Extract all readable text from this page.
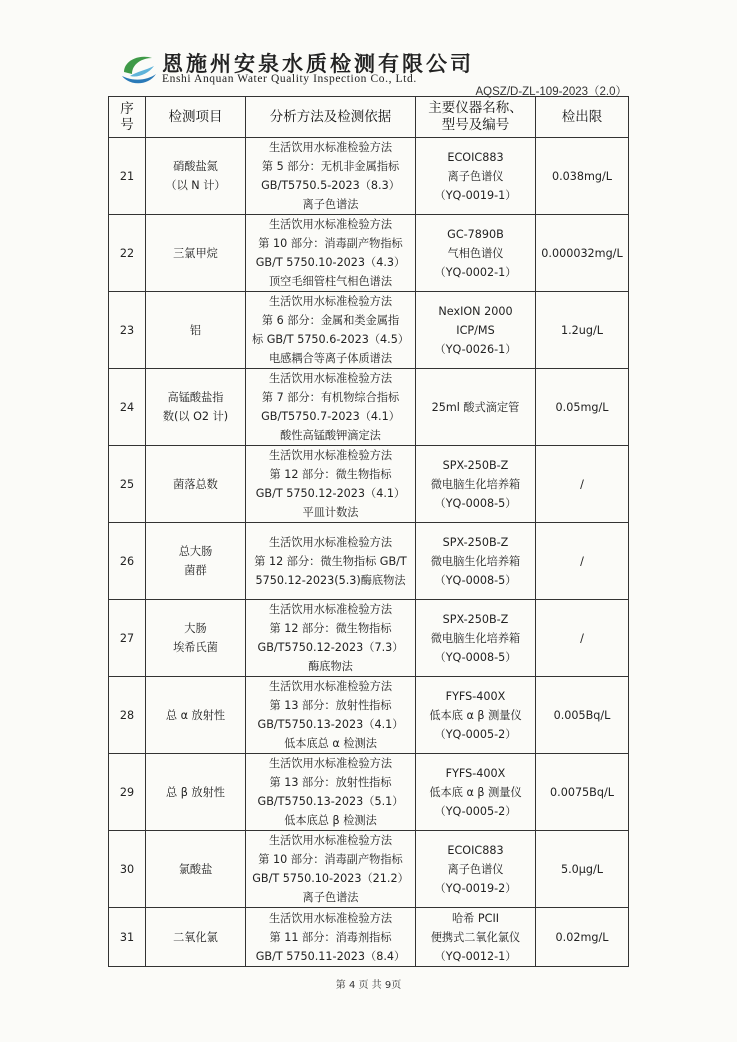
恩施州安泉水质检测有限公司
Enshi Anquan Water Quality Inspection Co., Ltd.
AQSZ/D-ZL-109-2023（2.0）
序
号	检测项目	分析方法及检测依据	主要仪器名称、
型号及编号	检出限
21	硝酸盐氮
（以 N 计）	生活饮用水标准检验方法
第 5 部分：无机非金属指标
GB/T5750.5-2023（8.3）
离子色谱法	ECOIC883
离子色谱仪
（YQ-0019-1）	0.038mg/L
22	三氯甲烷	生活饮用水标准检验方法
第 10 部分：消毒副产物指标
GB/T 5750.10-2023（4.3）
顶空毛细管柱气相色谱法	GC-7890B
气相色谱仪
（YQ-0002-1）	0.000032mg/L
23	铝	生活饮用水标准检验方法
第 6 部分：金属和类金属指
标 GB/T 5750.6-2023（4.5）
电感耦合等离子体质谱法	NexION 2000
ICP/MS
（YQ-0026-1）	1.2ug/L
24	高锰酸盐指
数(以 O2 计)	生活饮用水标准检验方法
第 7 部分：有机物综合指标
GB/T5750.7-2023（4.1）
酸性高锰酸钾滴定法	25ml 酸式滴定管	0.05mg/L
25	菌落总数	生活饮用水标准检验方法
第 12 部分：微生物指标
GB/T 5750.12-2023（4.1）
平皿计数法	SPX-250B-Z
微电脑生化培养箱
（YQ-0008-5）	/
26	总大肠
菌群	生活饮用水标准检验方法
第 12 部分：微生物指标 GB/T
5750.12-2023(5.3)酶底物法	SPX-250B-Z
微电脑生化培养箱
（YQ-0008-5）	/
27	大肠
埃希氏菌	生活饮用水标准检验方法
第 12 部分：微生物指标
GB/T5750.12-2023（7.3）
酶底物法	SPX-250B-Z
微电脑生化培养箱
（YQ-0008-5）	/
28	总 α 放射性	生活饮用水标准检验方法
第 13 部分：放射性指标
GB/T5750.13-2023（4.1）
低本底总 α 检测法	FYFS-400X
低本底 α β 测量仪
（YQ-0005-2）	0.005Bq/L
29	总 β 放射性	生活饮用水标准检验方法
第 13 部分：放射性指标
GB/T5750.13-2023（5.1）
低本底总 β 检测法	FYFS-400X
低本底 α β 测量仪
（YQ-0005-2）	0.0075Bq/L
30	氯酸盐	生活饮用水标准检验方法
第 10 部分：消毒副产物指标
GB/T 5750.10-2023（21.2）
离子色谱法	ECOIC883
离子色谱仪
（YQ-0019-2）	5.0μg/L
31	二氧化氯	生活饮用水标准检验方法
第 11 部分：消毒剂指标
GB/T 5750.11-2023（8.4）	哈希 PCII
便携式二氧化氯仪
（YQ-0012-1）	0.02mg/L
第 4 页 共 9页
